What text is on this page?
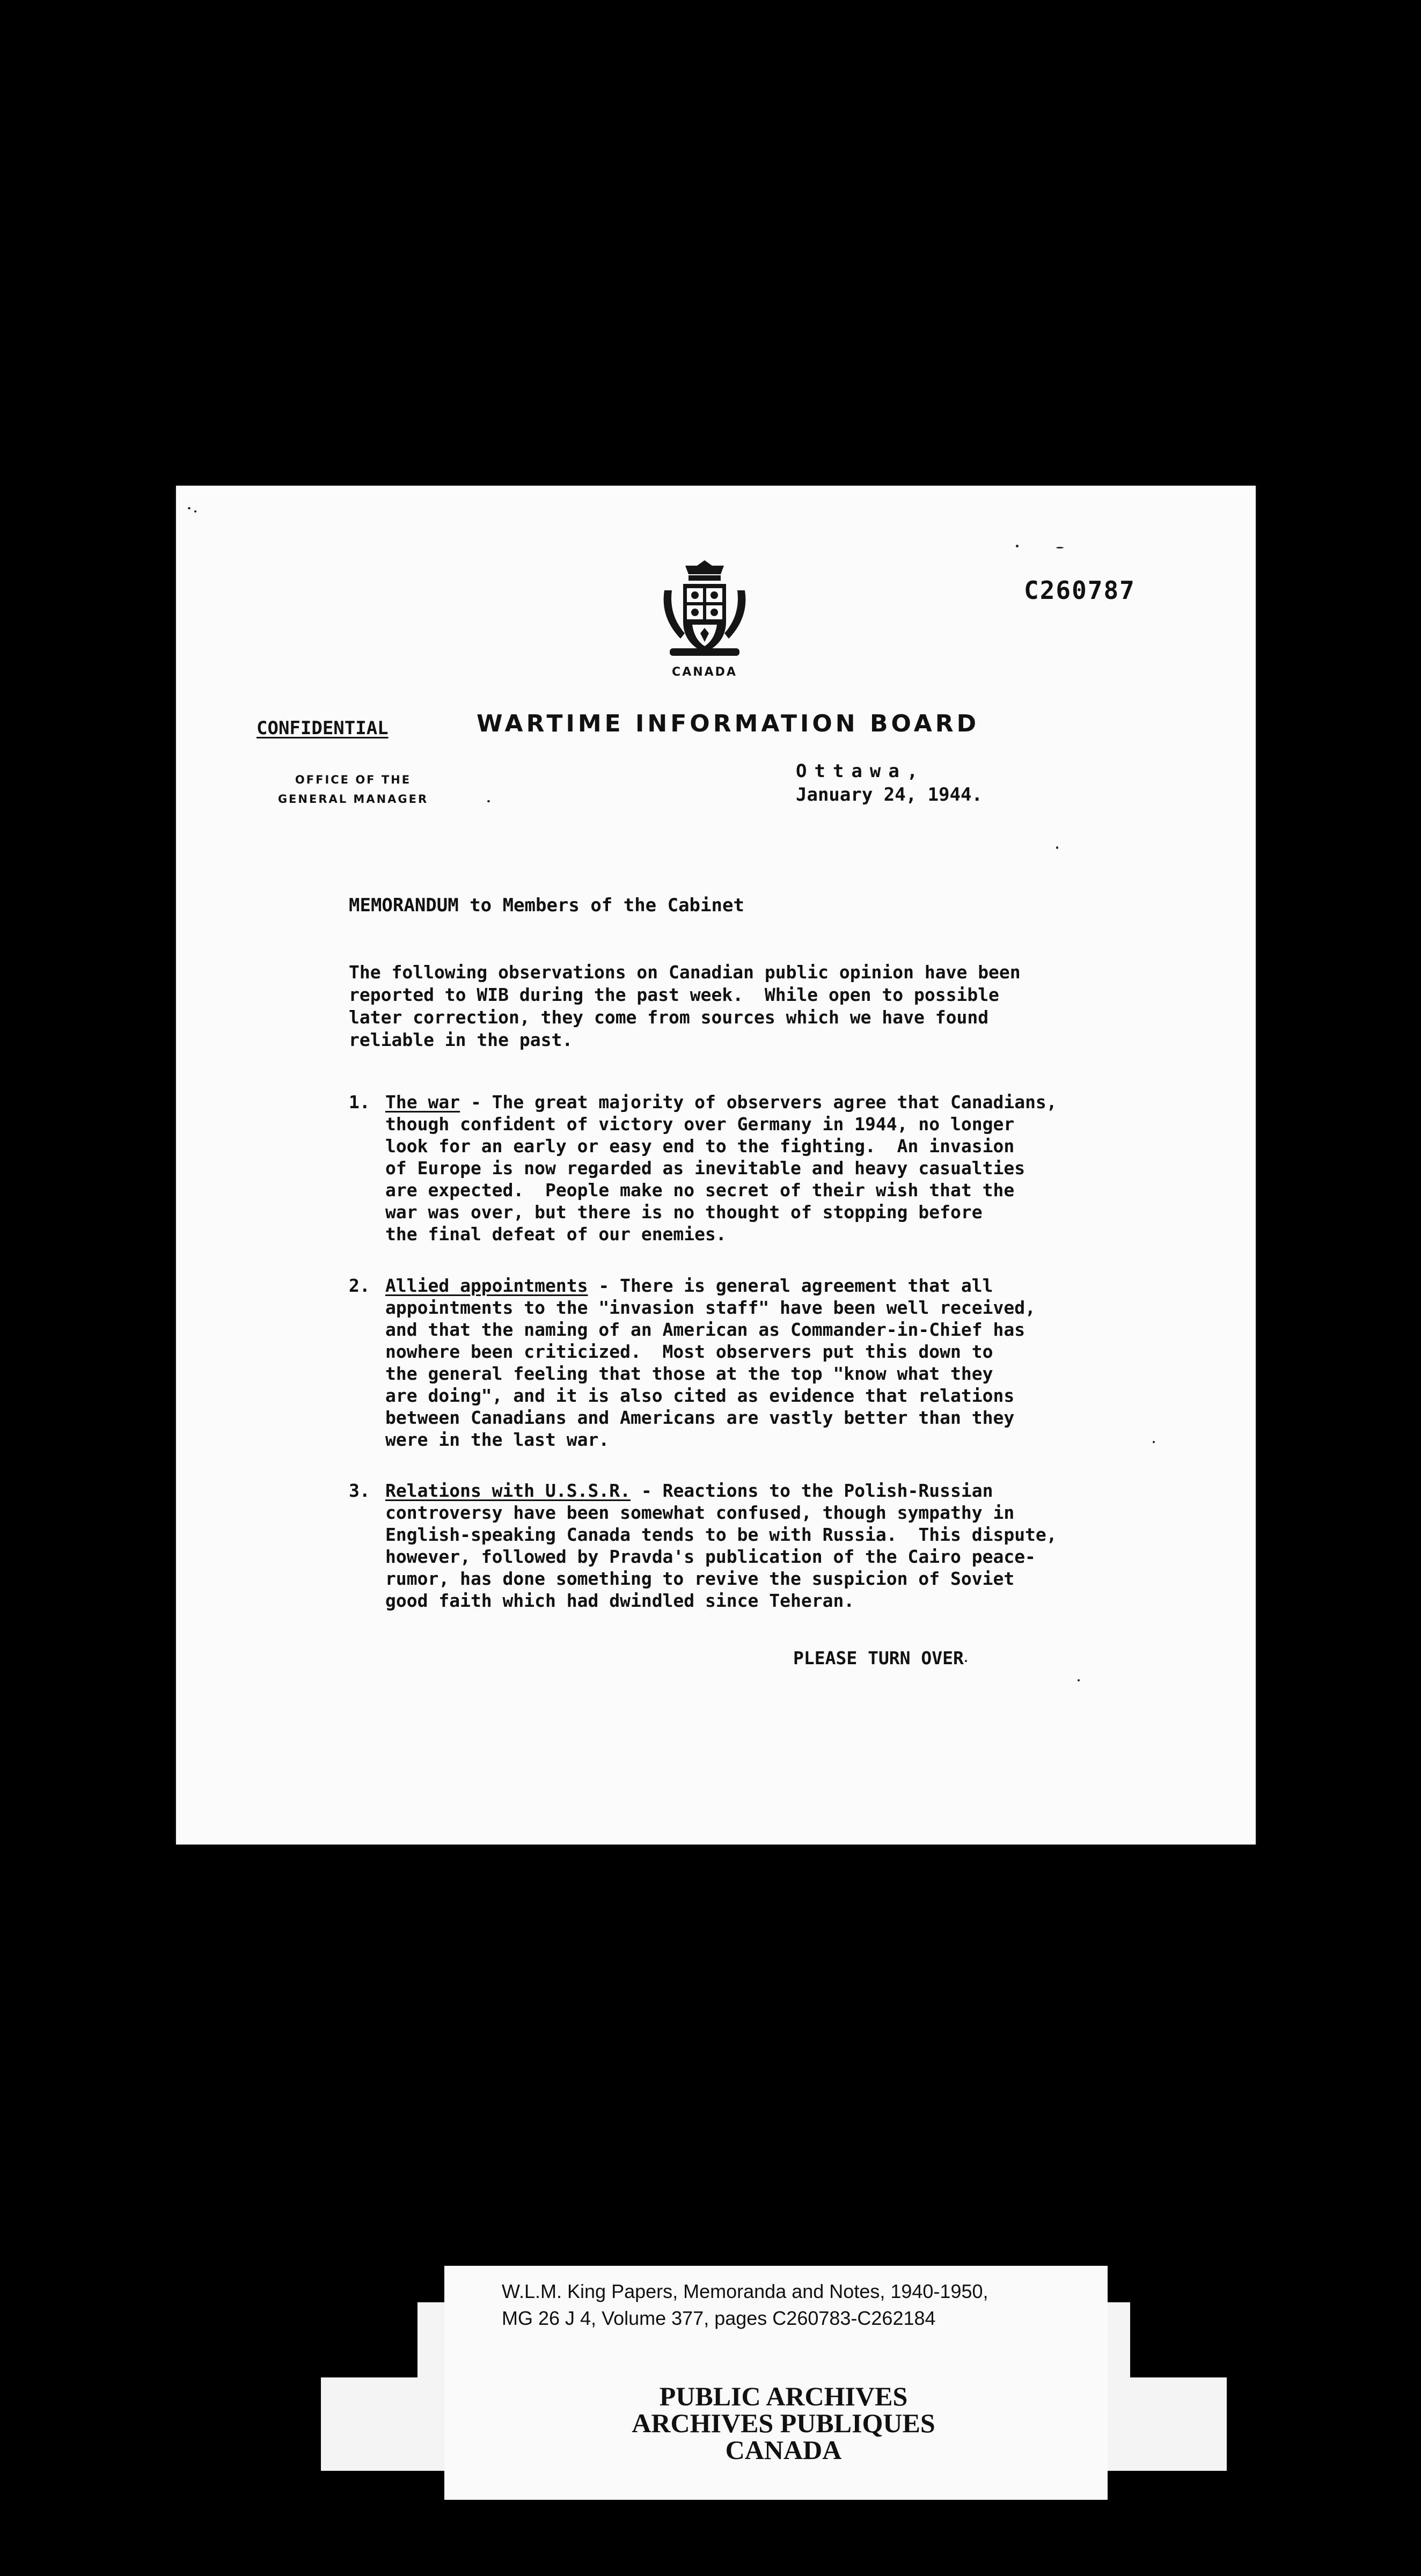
CANADA
C260787
CONFIDENTIAL	WARTIME INFORMATION BOARD
OFFICE OF THE
GENERAL MANAGER
Ottawa,
January 24, 1944.
MEMORANDUM to Members of the Cabinet
The following observations on Canadian public opinion have been
reported to WIB during the past week.  While open to possible
later correction, they come from sources which we have found
reliable in the past.
1. The war - The great majority of observers agree that Canadians,
though confident of victory over Germany in 1944, no longer
look for an early or easy end to the fighting.  An invasion
of Europe is now regarded as inevitable and heavy casualties
are expected.  People make no secret of their wish that the
war was over, but there is no thought of stopping before
the final defeat of our enemies.
2. Allied appointments - There is general agreement that all
appointments to the "invasion staff" have been well received,
and that the naming of an American as Commander-in-Chief has
nowhere been criticized.  Most observers put this down to
the general feeling that those at the top "know what they
are doing", and it is also cited as evidence that relations
between Canadians and Americans are vastly better than they
were in the last war.
3. Relations with U.S.S.R. - Reactions to the Polish-Russian
controversy have been somewhat confused, though sympathy in
English-speaking Canada tends to be with Russia.  This dispute,
however, followed by Pravda's publication of the Cairo peace-
rumor, has done something to revive the suspicion of Soviet
good faith which had dwindled since Teheran.
PLEASE TURN OVER
W.L.M. King Papers, Memoranda and Notes, 1940-1950,
MG 26 J 4, Volume 377, pages C260783-C262184
PUBLIC ARCHIVES
ARCHIVES PUBLIQUES
CANADA
